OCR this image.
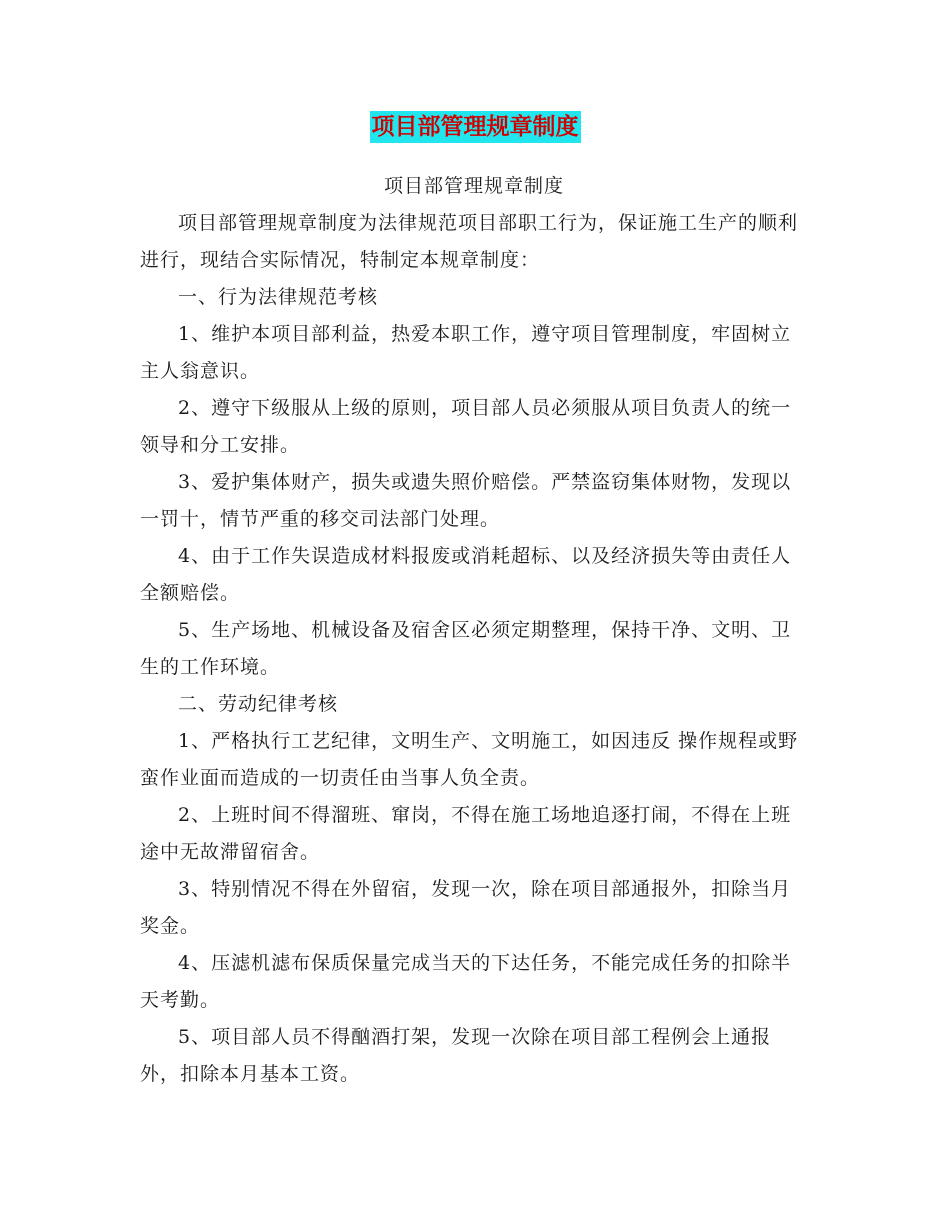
项目部管理规章制度

项目部管理规章制度

项目部管理规章制度为法律规范项目部职工行为，保证施工生产的顺利进行，现结合实际情况，特制定本规章制度：

一、行为法律规范考核

1、维护本项目部利益，热爱本职工作，遵守项目管理制度，牢固树立主人翁意识。

2、遵守下级服从上级的原则，项目部人员必须服从项目负责人的统一领导和分工安排。

3、爱护集体财产，损失或遗失照价赔偿。严禁盗窃集体财物，发现以一罚十，情节严重的移交司法部门处理。

4、由于工作失误造成材料报废或消耗超标、以及经济损失等由责任人全额赔偿。

5、生产场地、机械设备及宿舍区必须定期整理，保持干净、文明、卫生的工作环境。

二、劳动纪律考核

1、严格执行工艺纪律，文明生产、文明施工，如因违反 操作规程或野蛮作业面而造成的一切责任由当事人负全责。

2、上班时间不得溜班、窜岗，不得在施工场地追逐打闹，不得在上班途中无故滞留宿舍。

3、特别情况不得在外留宿，发现一次，除在项目部通报外，扣除当月奖金。

4、压滤机滤布保质保量完成当天的下达任务，不能完成任务的扣除半天考勤。

5、项目部人员不得酗酒打架，发现一次除在项目部工程例会上通报外，扣除本月基本工资。
